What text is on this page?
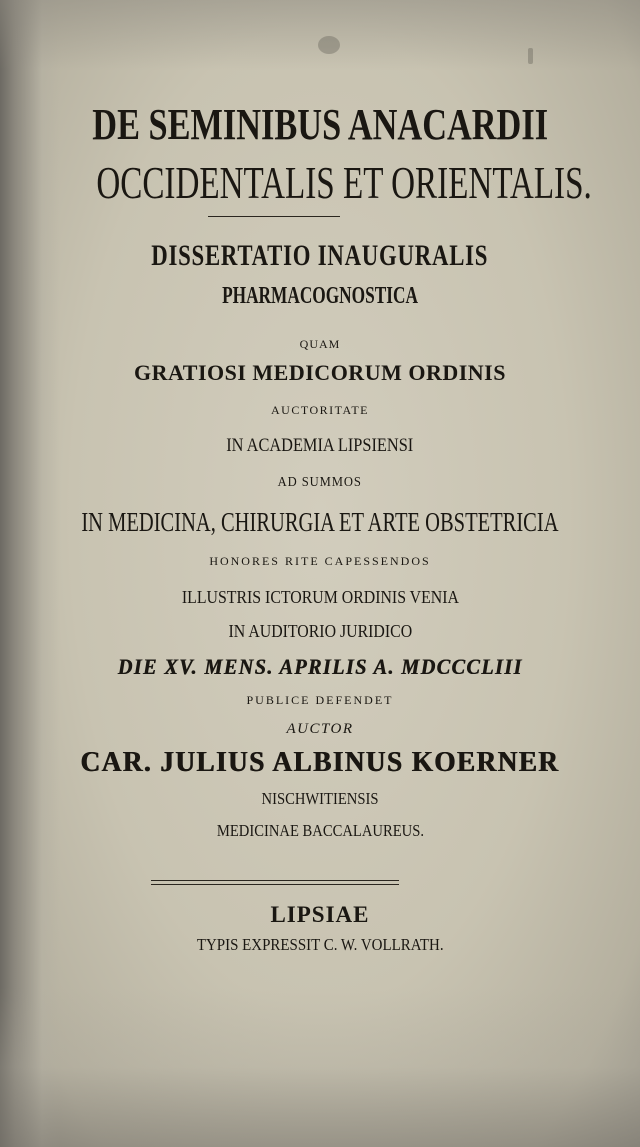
DE SEMINIBUS ANACARDII
OCCIDENTALIS ET ORIENTALIS.
DISSERTATIO INAUGURALIS
PHARMACOGNOSTICA
QUAM
GRATIOSI MEDICORUM ORDINIS
AUCTORITATE
IN ACADEMIA LIPSIENSI
AD SUMMOS
IN MEDICINA, CHIRURGIA ET ARTE OBSTETRICIA
HONORES RITE CAPESSENDOS
ILLUSTRIS ICTORUM ORDINIS VENIA
IN AUDITORIO JURIDICO
DIE XV. MENS. APRILIS A. MDCCCLIII
PUBLICE DEFENDET
AUCTOR
CAR. JULIUS ALBINUS KOERNER
NISCHWITIENSIS
MEDICINAE BACCALAUREUS.
LIPSIAE
TYPIS EXPRESSIT C. W. VOLLRATH.
